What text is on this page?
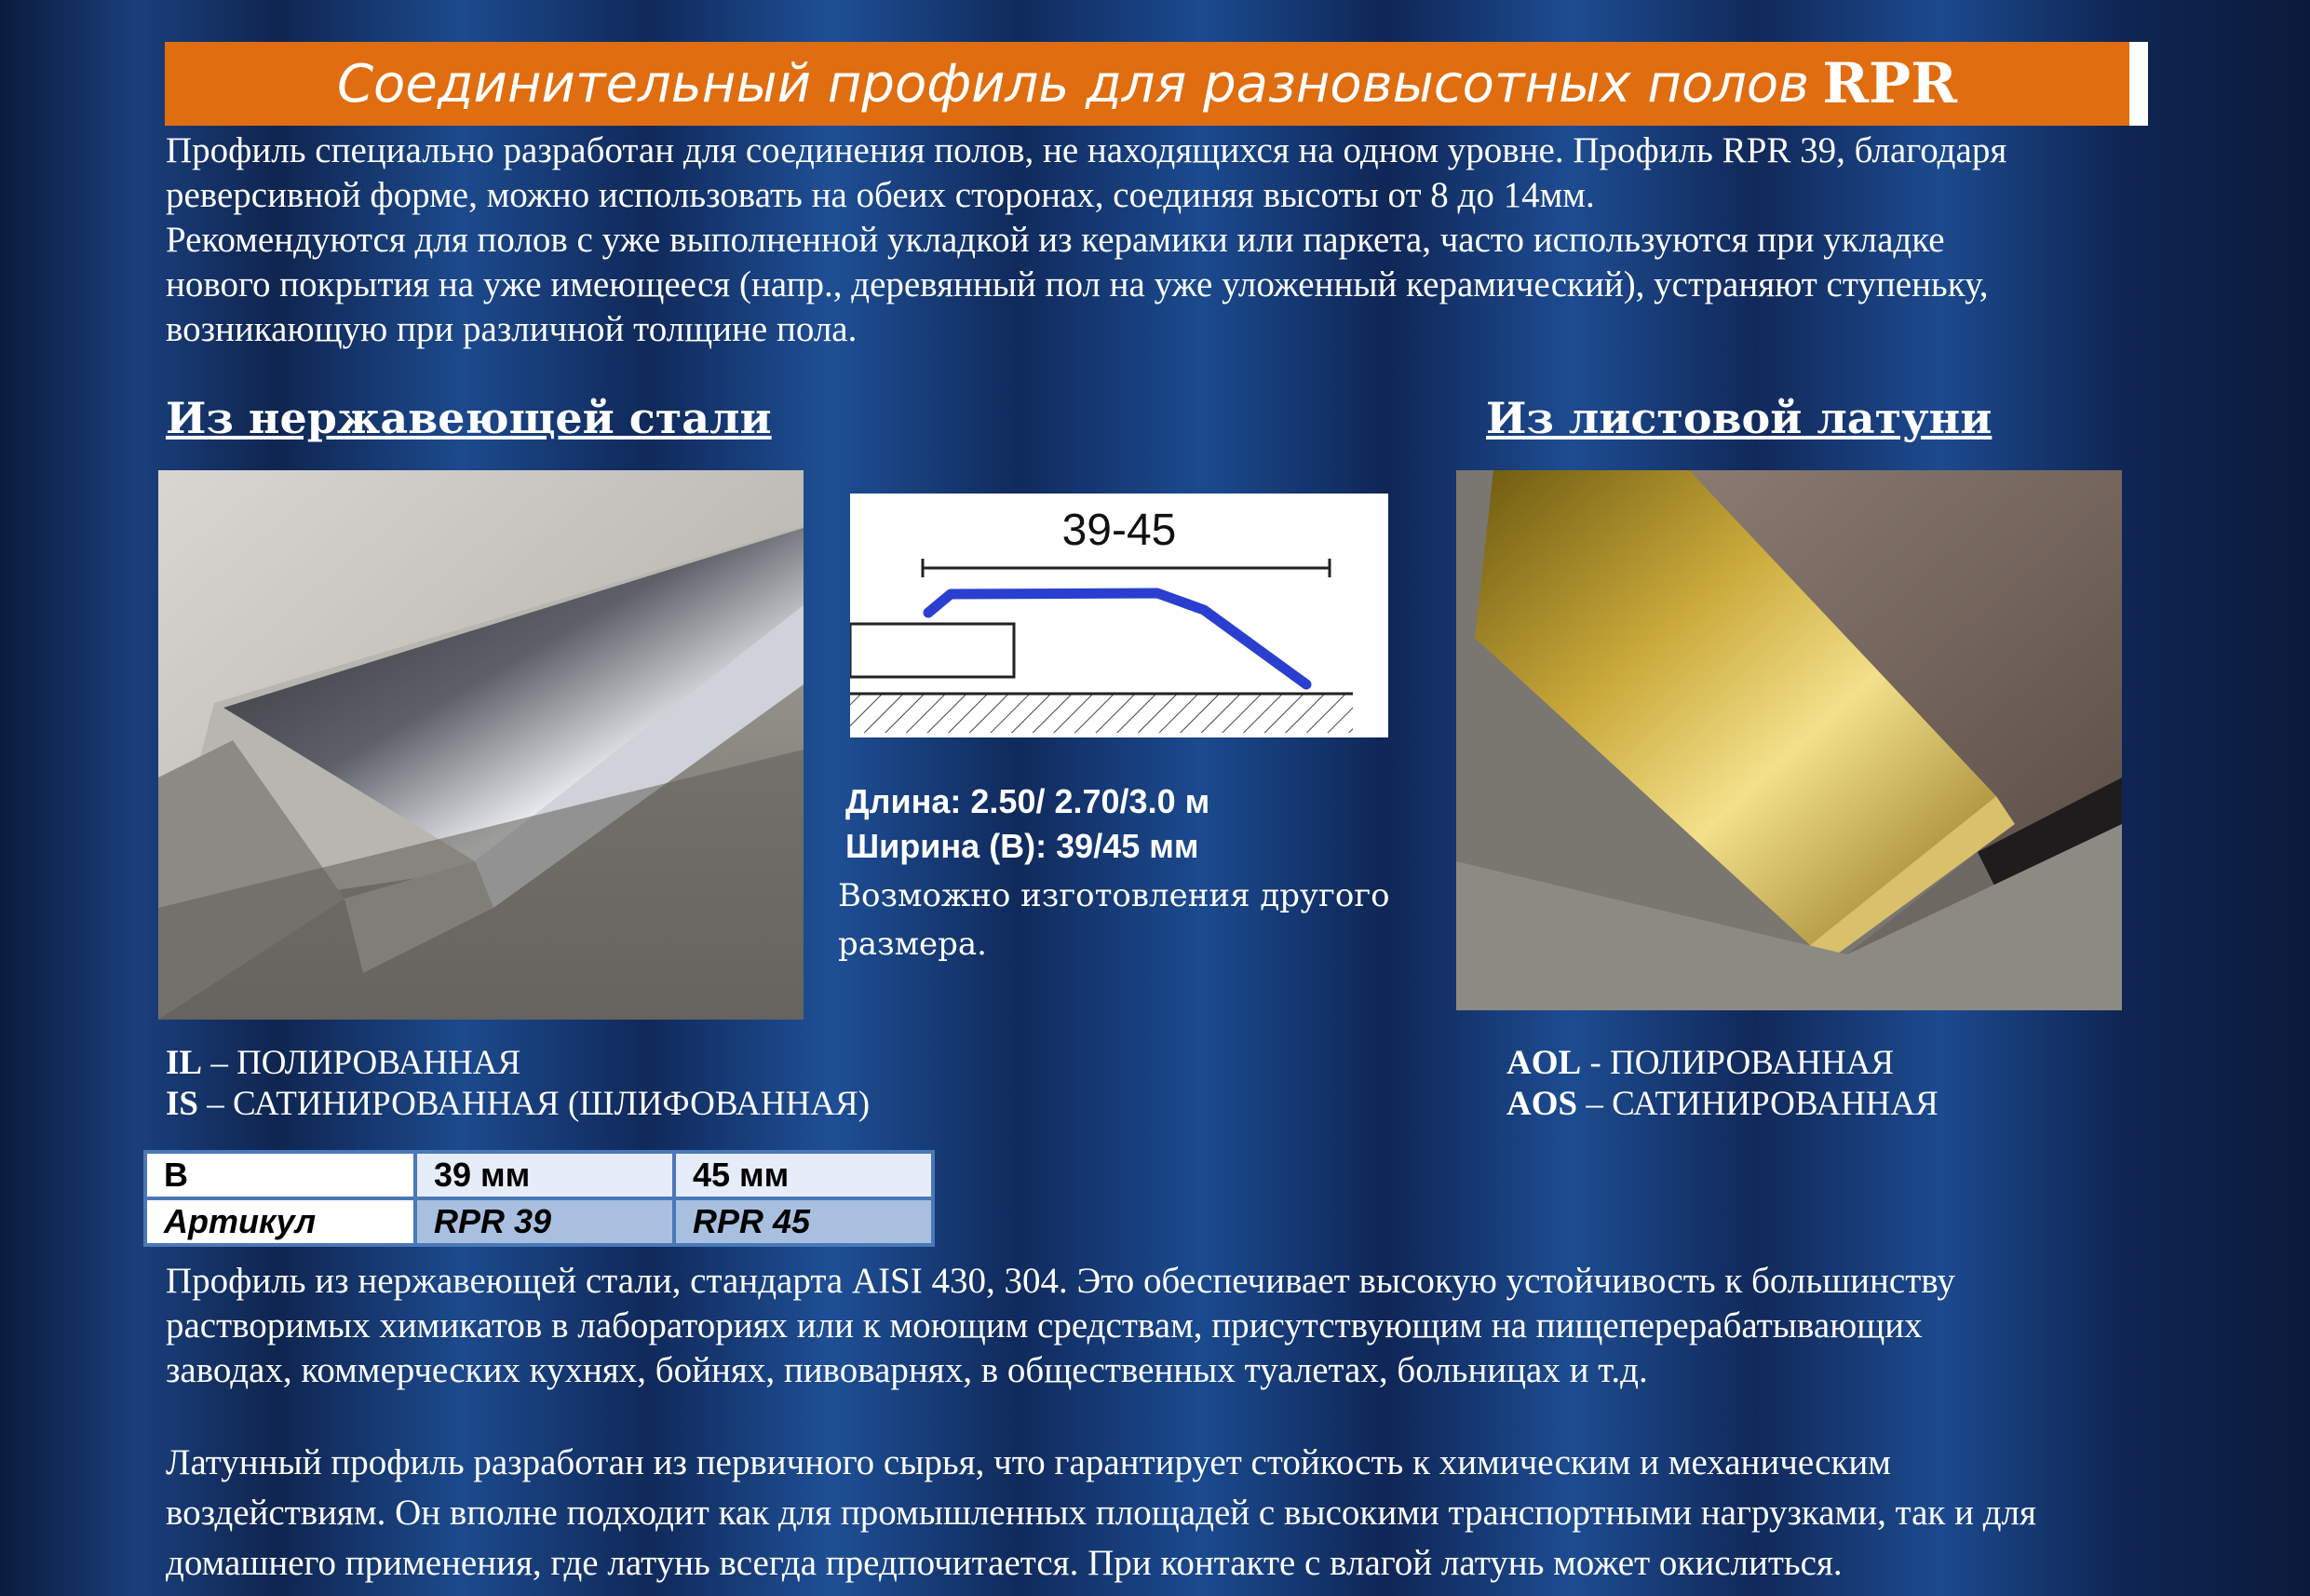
Соединительный профиль для разновысотных полов RPR
Профиль специально разработан для соединения полов, не находящихся на одном уровне. Профиль RPR 39, благодаря
реверсивной форме, можно использовать на обеих сторонах, соединяя высоты от 8 до 14мм.
Рекомендуются для полов с уже выполненной укладкой из керамики или паркета, часто используются при укладке
нового покрытия на уже имеющееся (напр., деревянный пол на уже уложенный керамический), устраняют ступеньку,
возникающую при различной толщине пола.
Из нержавеющей стали	Из листовой латуни
39-45
Длина: 2.50/ 2.70/3.0 м
Ширина (В): 39/45 мм
Возможно изготовления другого
размера.
IL – ПОЛИРОВАННАЯ
IS – САТИНИРОВАННАЯ (ШЛИФОВАННАЯ)
AOL - ПОЛИРОВАННАЯ
AOS – САТИНИРОВАННАЯ
B	39 мм	45 мм
Артикул	RPR 39	RPR 45
Профиль из нержавеющей стали, стандарта AISI 430, 304. Это обеспечивает высокую устойчивость к большинству
растворимых химикатов в лабораториях или к моющим средствам, присутствующим на пищеперерабатывающих
заводах, коммерческих кухнях, бойнях, пивоварнях, в общественных туалетах, больницах и т.д.
Латунный профиль разработан из первичного сырья, что гарантирует стойкость к химическим и механическим
воздействиям. Он вполне подходит как для промышленных площадей с высокими транспортными нагрузками, так и для
домашнего применения, где латунь всегда предпочитается. При контакте с влагой латунь может окислиться.
